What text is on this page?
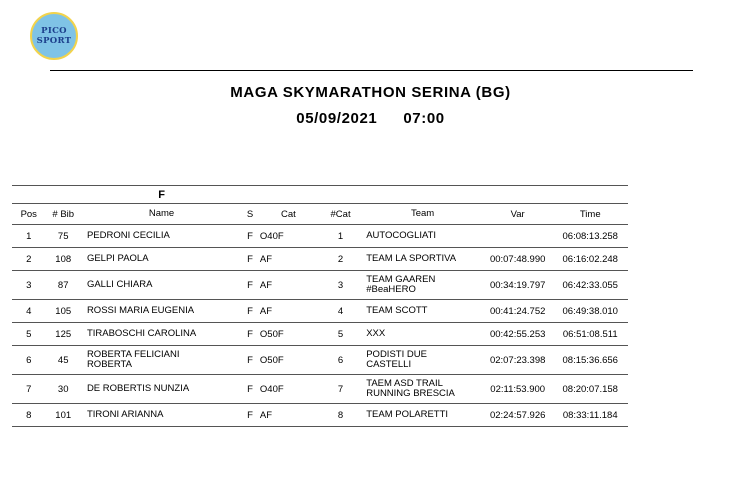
PICO
SPORT
MAGA SKYMARATHON SERINA (BG)
05/09/2021 07:00
		F						
Pos	# Bib	Name	S	Cat	#Cat	Team	Var	Time
1	75	PEDRONI CECILIA	F	O40F	1	AUTOCOGLIATI		06:08:13.258
2	108	GELPI PAOLA	F	AF	2	TEAM LA SPORTIVA	00:07:48.990	06:16:02.248
3	87	GALLI CHIARA	F	AF	3	TEAM GAAREN
#BeaHERO	00:34:19.797	06:42:33.055
4	105	ROSSI MARIA EUGENIA	F	AF	4	TEAM SCOTT	00:41:24.752	06:49:38.010
5	125	TIRABOSCHI CAROLINA	F	O50F	5	XXX	00:42:55.253	06:51:08.511
6	45	ROBERTA FELICIANI
ROBERTA	F	O50F	6	PODISTI DUE
CASTELLI	02:07:23.398	08:15:36.656
7	30	DE ROBERTIS NUNZIA	F	O40F	7	TAEM ASD TRAIL
RUNNING BRESCIA	02:11:53.900	08:20:07.158
8	101	TIRONI ARIANNA	F	AF	8	TEAM POLARETTI	02:24:57.926	08:33:11.184
